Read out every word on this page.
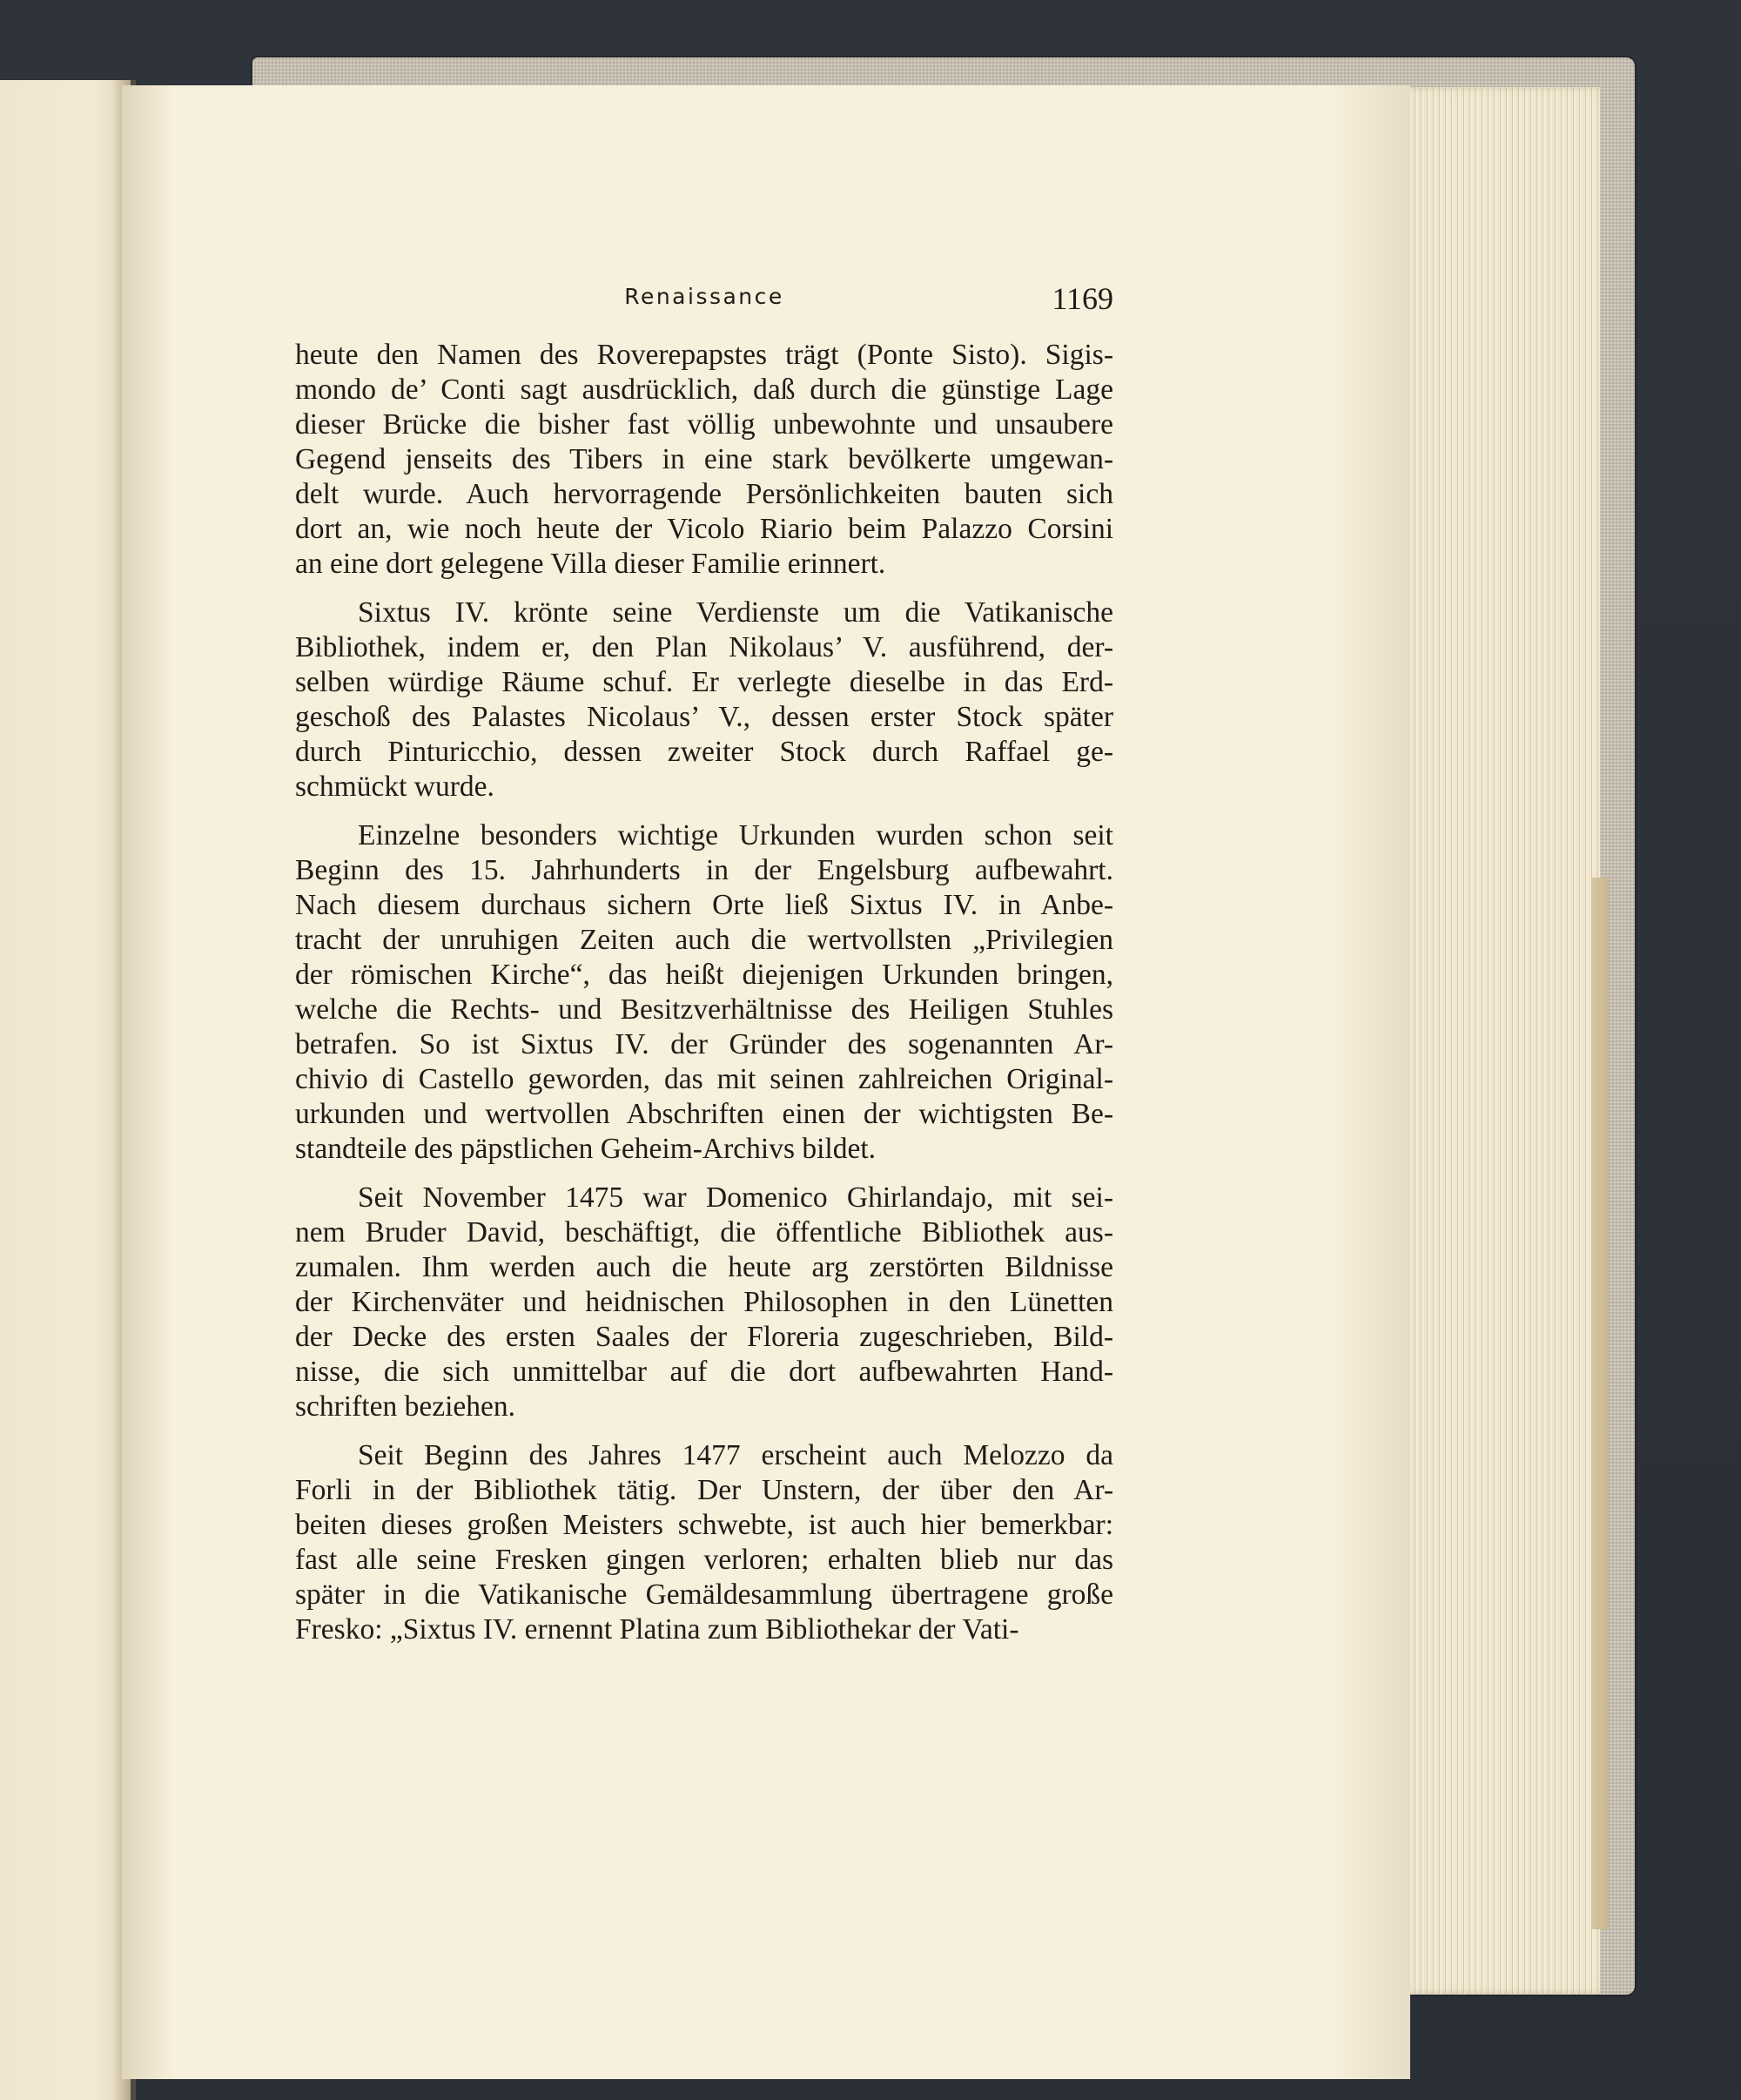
Renaissance	1169
heute den Namen des Roverepapstes trägt (Ponte Sisto). Sigis-
mondo de’ Conti sagt ausdrücklich, daß durch die günstige Lage
dieser Brücke die bisher fast völlig unbewohnte und unsaubere
Gegend jenseits des Tibers in eine stark bevölkerte umgewan-
delt wurde. Auch hervorragende Persönlichkeiten bauten sich
dort an, wie noch heute der Vicolo Riario beim Palazzo Corsini
an eine dort gelegene Villa dieser Familie erinnert.
Sixtus IV. krönte seine Verdienste um die Vatikanische
Bibliothek, indem er, den Plan Nikolaus’ V. ausführend, der-
selben würdige Räume schuf. Er verlegte dieselbe in das Erd-
geschoß des Palastes Nicolaus’ V., dessen erster Stock später
durch Pinturicchio, dessen zweiter Stock durch Raffael ge-
schmückt wurde.
Einzelne besonders wichtige Urkunden wurden schon seit
Beginn des 15. Jahrhunderts in der Engelsburg aufbewahrt.
Nach diesem durchaus sichern Orte ließ Sixtus IV. in Anbe-
tracht der unruhigen Zeiten auch die wertvollsten „Privilegien
der römischen Kirche“, das heißt diejenigen Urkunden bringen,
welche die Rechts- und Besitzverhältnisse des Heiligen Stuhles
betrafen. So ist Sixtus IV. der Gründer des sogenannten Ar-
chivio di Castello geworden, das mit seinen zahlreichen Original-
urkunden und wertvollen Abschriften einen der wichtigsten Be-
standteile des päpstlichen Geheim-Archivs bildet.
Seit November 1475 war Domenico Ghirlandajo, mit sei-
nem Bruder David, beschäftigt, die öffentliche Bibliothek aus-
zumalen. Ihm werden auch die heute arg zerstörten Bildnisse
der Kirchenväter und heidnischen Philosophen in den Lünetten
der Decke des ersten Saales der Floreria zugeschrieben, Bild-
nisse, die sich unmittelbar auf die dort aufbewahrten Hand-
schriften beziehen.
Seit Beginn des Jahres 1477 erscheint auch Melozzo da
Forli in der Bibliothek tätig. Der Unstern, der über den Ar-
beiten dieses großen Meisters schwebte, ist auch hier bemerkbar:
fast alle seine Fresken gingen verloren; erhalten blieb nur das
später in die Vatikanische Gemäldesammlung übertragene große
Fresko: „Sixtus IV. ernennt Platina zum Bibliothekar der Vati-
